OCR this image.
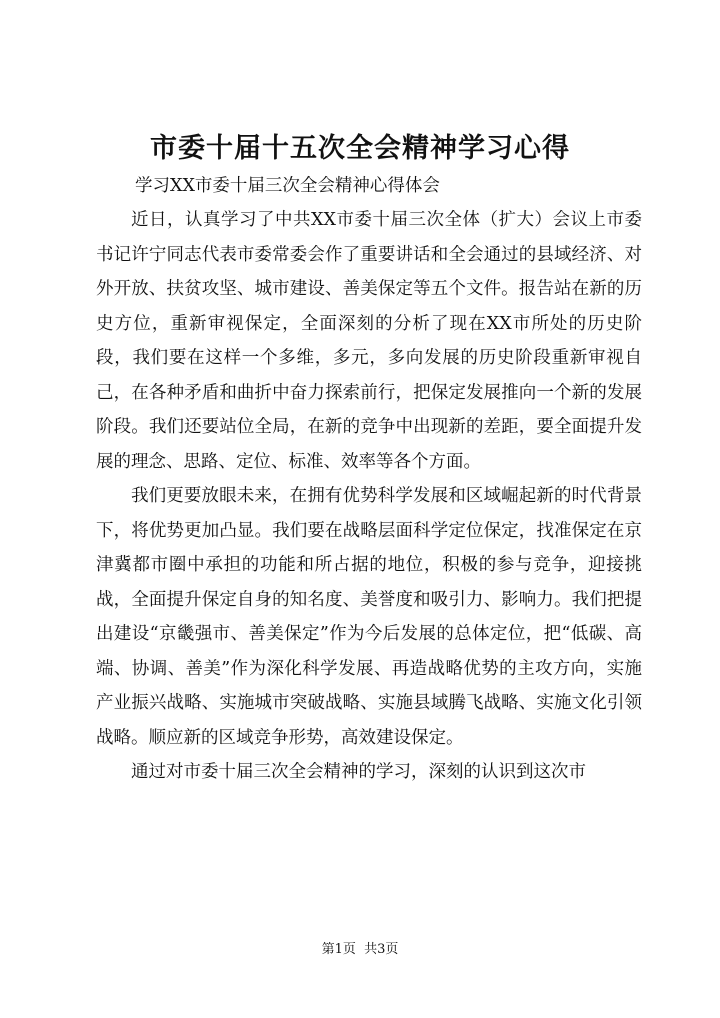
市委十届十五次全会精神学习心得

学习XX市委十届三次全会精神心得体会

近日，认真学习了中共XX市委十届三次全体（扩大）会议上市委书记许宁同志代表市委常委会作了重要讲话和全会通过的县域经济、对外开放、扶贫攻坚、城市建设、善美保定等五个文件。报告站在新的历史方位，重新审视保定，全面深刻的分析了现在XX市所处的历史阶段，我们要在这样一个多维，多元，多向发展的历史阶段重新审视自己，在各种矛盾和曲折中奋力探索前行，把保定发展推向一个新的发展阶段。我们还要站位全局，在新的竞争中出现新的差距，要全面提升发展的理念、思路、定位、标准、效率等各个方面。

我们更要放眼未来，在拥有优势科学发展和区域崛起新的时代背景下，将优势更加凸显。我们要在战略层面科学定位保定，找准保定在京津冀都市圈中承担的功能和所占据的地位，积极的参与竞争，迎接挑战，全面提升保定自身的知名度、美誉度和吸引力、影响力。我们把提出建设“京畿强市、善美保定”作为今后发展的总体定位，把“低碳、高端、协调、善美”作为深化科学发展、再造战略优势的主攻方向，实施产业振兴战略、实施城市突破战略、实施县域腾飞战略、实施文化引领战略。顺应新的区域竞争形势，高效建设保定。

通过对市委十届三次全会精神的学习，深刻的认识到这次市

第1页 共3页
